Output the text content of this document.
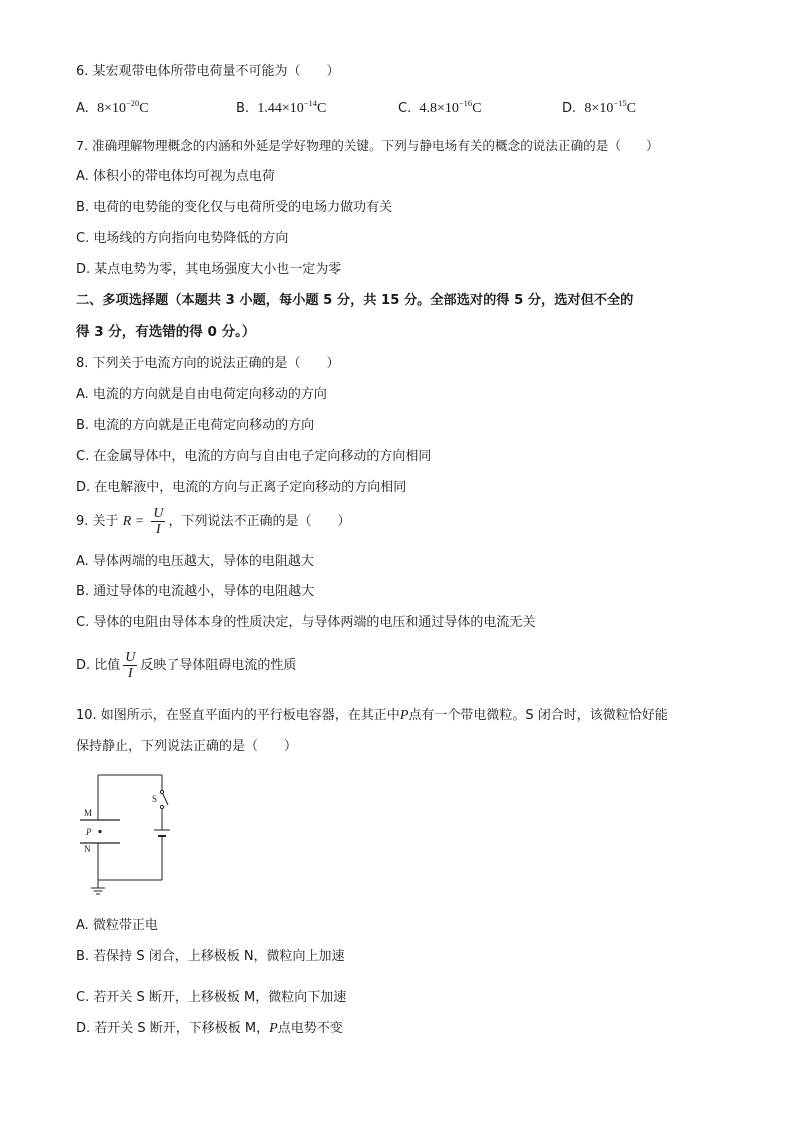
6. 某宏观带电体所带电荷量不可能为（　　）
A. $8\times 10^{-20}C$	B. $1.44\times 10^{-14}C$	C. $4.8\times 10^{-16}C$	D. $8\times 10^{-15}C$
7. 准确理解物理概念的内涵和外延是学好物理的关键。下列与静电场有关的概念的说法正确的是（　　）
A. 体积小的带电体均可视为点电荷
B. 电荷的电势能的变化仅与电荷所受的电场力做功有关
C. 电场线的方向指向电势降低的方向
D. 某点电势为零，其电场强度大小也一定为零
二、多项选择题（本题共 3 小题，每小题 5 分，共 15 分。全部选对的得 5 分，选对但不全的
得 3 分，有选错的得 0 分。）
8. 下列关于电流方向的说法正确的是（　　）
A. 电流的方向就是自由电荷定向移动的方向
B. 电流的方向就是正电荷定向移动的方向
C. 在金属导体中，电流的方向与自由电子定向移动的方向相同
D. 在电解液中，电流的方向与正离子定向移动的方向相同
9. 关于 $R = \frac{U}{I}$ ，下列说法不正确的是（　　）
A. 导体两端的电压越大，导体的电阻越大
B. 通过导体的电流越小，导体的电阻越大
C. 导体的电阻由导体本身的性质决定，与导体两端的电压和通过导体的电流无关
D. 比值 $\frac{U}{I}$ 反映了导体阻碍电流的性质
10. 如图所示，在竖直平面内的平行板电容器，在其正中P点有一个带电微粒。S 闭合时，该微粒恰好能
保持静止，下列说法正确的是（　　）
M
N
P
S
A. 微粒带正电
B. 若保持 S 闭合，上移极板 N，微粒向上加速
C. 若开关 S 断开，上移极板 M，微粒向下加速
D. 若开关 S 断开，下移极板 M，P点电势不变
